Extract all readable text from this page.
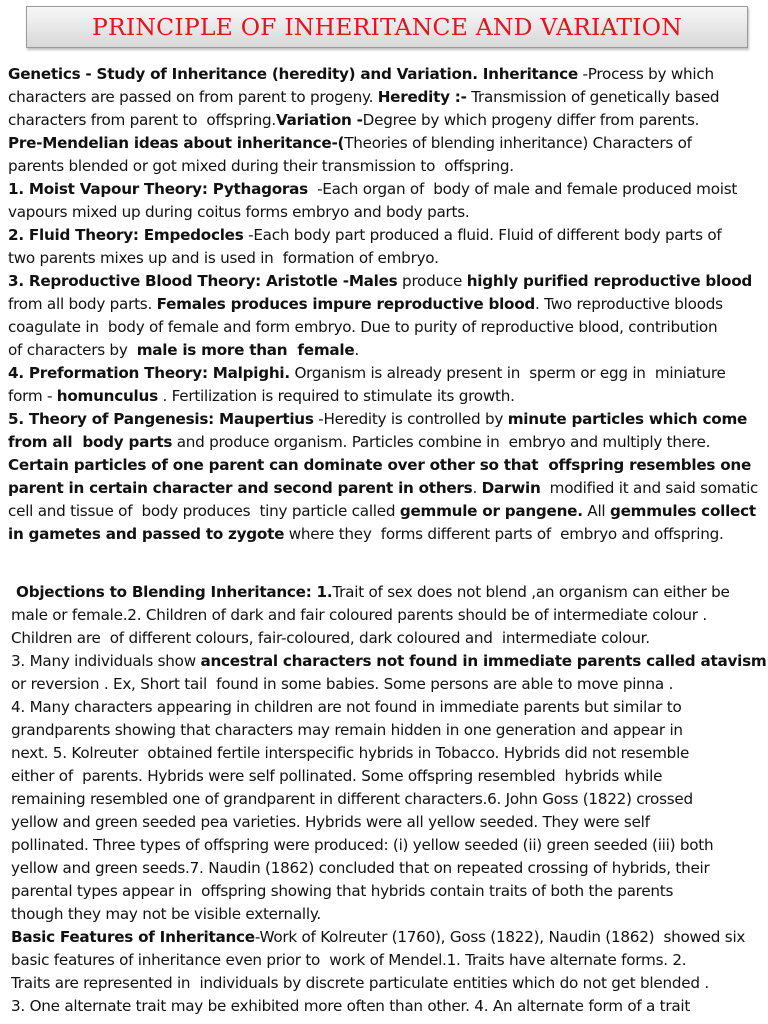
PRINCIPLE OF INHERITANCE AND VARIATION
Genetics - Study of Inheritance (heredity) and Variation. Inheritance -Process by which
characters are passed on from parent to progeny. Heredity :- Transmission of genetically based
characters from parent to  offspring.Variation -Degree by which progeny differ from parents.
Pre-Mendelian ideas about inheritance-(Theories of blending inheritance) Characters of
parents blended or got mixed during their transmission to  offspring.
1. Moist Vapour Theory: Pythagoras  -Each organ of  body of male and female produced moist
vapours mixed up during coitus forms embryo and body parts.
2. Fluid Theory: Empedocles -Each body part produced a fluid. Fluid of different body parts of
two parents mixes up and is used in  formation of embryo.
3. Reproductive Blood Theory: Aristotle -Males produce highly purified reproductive blood
from all body parts. Females produces impure reproductive blood. Two reproductive bloods
coagulate in  body of female and form embryo. Due to purity of reproductive blood, contribution
of characters by  male is more than  female.
4. Preformation Theory: Malpighi. Organism is already present in  sperm or egg in  miniature
form - homunculus . Fertilization is required to stimulate its growth.
5. Theory of Pangenesis: Maupertius -Heredity is controlled by minute particles which come
from all  body parts and produce organism. Particles combine in  embryo and multiply there.
Certain particles of one parent can dominate over other so that  offspring resembles one
parent in certain character and second parent in others. Darwin  modified it and said somatic
cell and tissue of  body produces  tiny particle called gemmule or pangene. All gemmules collect
in gametes and passed to zygote where they  forms different parts of  embryo and offspring.
Objections to Blending Inheritance: 1.Trait of sex does not blend ,an organism can either be
male or female.2. Children of dark and fair coloured parents should be of intermediate colour .
Children are  of different colours, fair-coloured, dark coloured and  intermediate colour.
3. Many individuals show ancestral characters not found in immediate parents called atavism
or reversion . Ex, Short tail  found in some babies. Some persons are able to move pinna .
4. Many characters appearing in children are not found in immediate parents but similar to
grandparents showing that characters may remain hidden in one generation and appear in
next. 5. Kolreuter  obtained fertile interspecific hybrids in Tobacco. Hybrids did not resemble
either of  parents. Hybrids were self pollinated. Some offspring resembled  hybrids while
remaining resembled one of grandparent in different characters.6. John Goss (1822) crossed
yellow and green seeded pea varieties. Hybrids were all yellow seeded. They were self
pollinated. Three types of offspring were produced: (i) yellow seeded (ii) green seeded (iii) both
yellow and green seeds.7. Naudin (1862) concluded that on repeated crossing of hybrids, their
parental types appear in  offspring showing that hybrids contain traits of both the parents
though they may not be visible externally.
Basic Features of Inheritance-Work of Kolreuter (1760), Goss (1822), Naudin (1862)  showed six
basic features of inheritance even prior to  work of Mendel.1. Traits have alternate forms. 2.
Traits are represented in  individuals by discrete particulate entities which do not get blended .
3. One alternate trait may be exhibited more often than other. 4. An alternate form of a trait
